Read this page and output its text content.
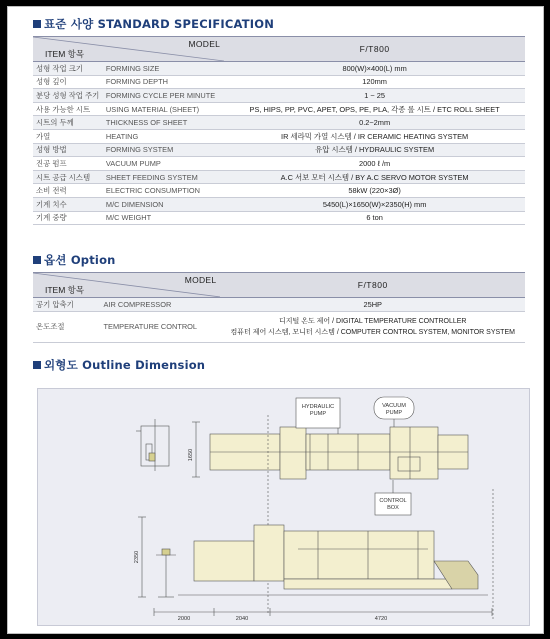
표준 사양 STANDARD SPECIFICATION
MODEL
ITEM 항목		F/T800
성형 작업 크기	FORMING SIZE	800(W)×400(L) mm
성형 깊이	FORMING DEPTH	120mm
분당 성형 작업 주기	FORMING CYCLE PER MINUTE	1 ~ 25
사용 가능한 시트	USING MATERIAL (SHEET)	PS, HIPS, PP, PVC, APET, OPS, PE, PLA, 각종 롤 시트 / ETC ROLL SHEET
시트의 두께	THICKNESS OF SHEET	0.2~2mm
가열	HEATING	IR 세라믹 가열 시스템 / IR CERAMIC HEATING SYSTEM
성형 방법	FORMING SYSTEM	유압 시스템 / HYDRAULIC SYSTEM
진공 펌프	VACUUM PUMP	2000 ℓ /m
시트 공급 시스템	SHEET FEEDING SYSTEM	A.C 서보 모터 시스템 / BY A.C SERVO MOTOR SYSTEM
소비 전력	ELECTRIC CONSUMPTION	58kW (220×3Ø)
기계 치수	M/C DIMENSION	5450(L)×1650(W)×2350(H) mm
기계 중량	M/C WEIGHT	6 ton
옵션 Option
MODEL
ITEM 항목		F/T800
공기 압축기	AIR COMPRESSOR	25HP
온도조절	TEMPERATURE CONTROL	디지털 온도 제어 / DIGITAL TEMPERATURE CONTROLLER
컴퓨터 제어 시스템, 모니터 시스템 / COMPUTER CONTROL SYSTEM, MONITOR SYSTEM
외형도 Outline Dimension
HYDRAULIC
PUMP
VACUUM
PUMP
CONTROL
BOX
2000	2040	4720
1650
2350
